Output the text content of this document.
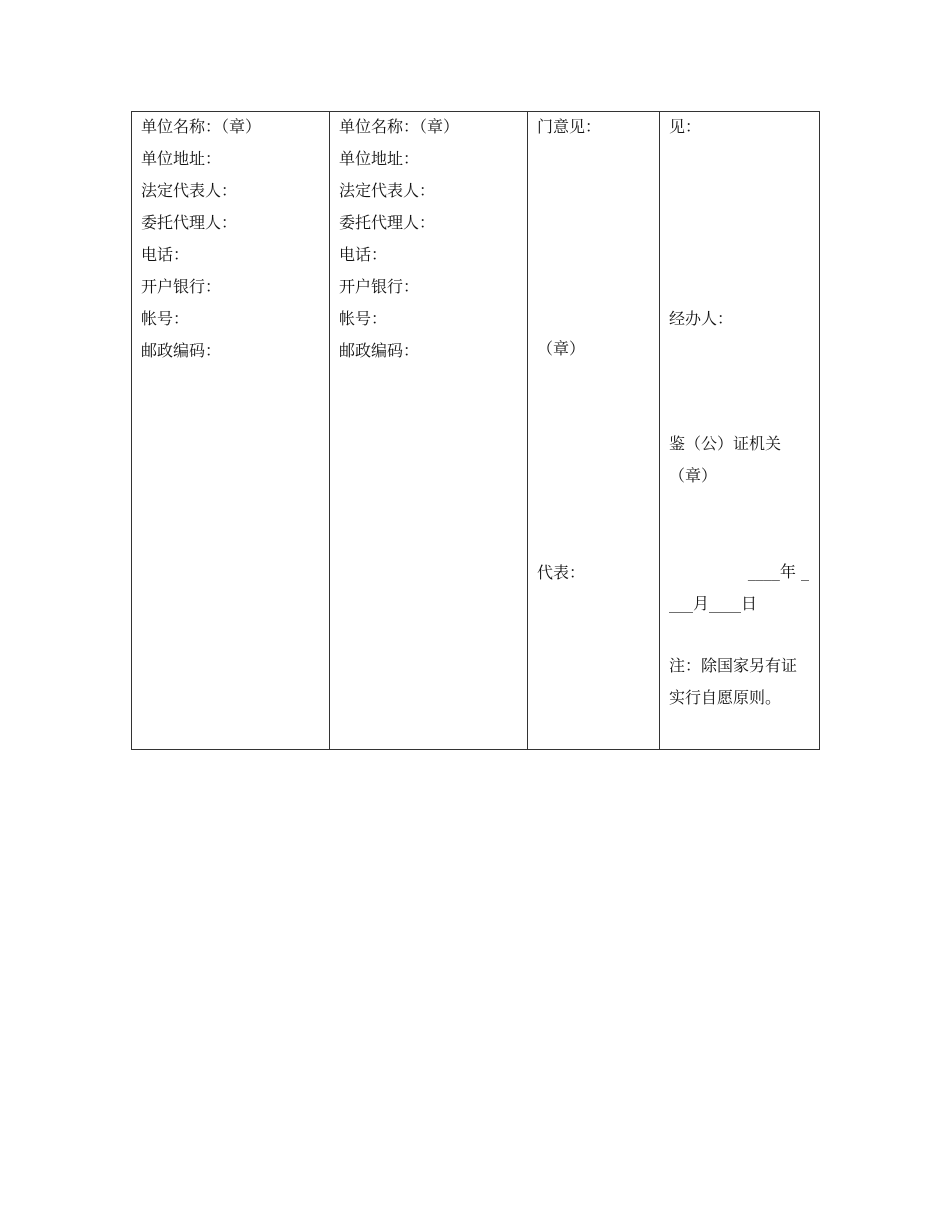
单位名称：（章）
单位地址：
法定代表人：
委托代理人：
电话：
开户银行：
帐号：
邮政编码：

单位名称：（章）
单位地址：
法定代表人：
委托代理人：
电话：
开户银行：
帐号：
邮政编码：

门意见：
（章）
代表：

见：
经办人：
鉴（公）证机关（章）
____年 _
___月____日
注：除国家另有证实行自愿原则。
